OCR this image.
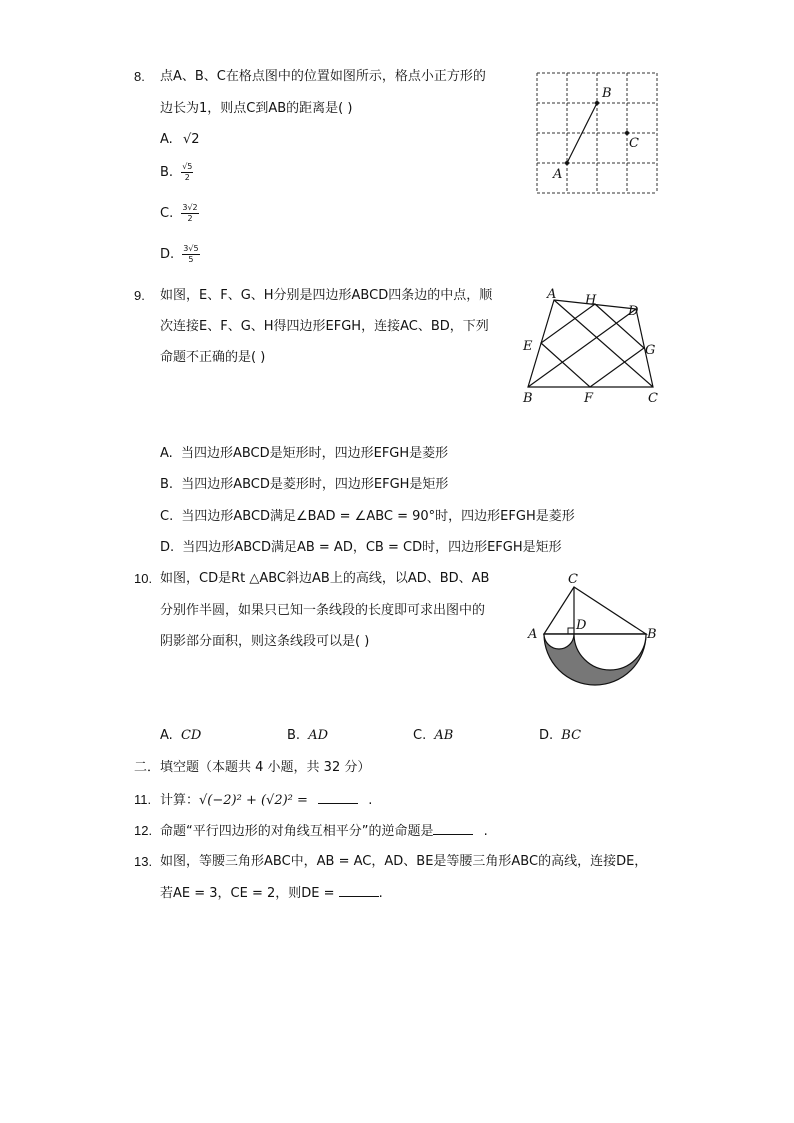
8. 点A、B、C在格点图中的位置如图所示，格点小正方形的
边长为1，则点C到AB的距离是( )
A. √2
B. $\frac{√5}{2}$
C. $\frac{3√2}{2}$
D. $\frac{3√5}{5}$
A
B
C
9. 如图，E、F、G、H分别是四边形ABCD四条边的中点，顺
次连接E、F、G、H得四边形EFGH，连接AC、BD，下列
命题不正确的是( )
A H
D
E	G
B	F	C
A. 当四边形ABCD是矩形时，四边形EFGH是菱形
B. 当四边形ABCD是菱形时，四边形EFGH是矩形
C. 当四边形ABCD满足∠BAD = ∠ABC = 90°时，四边形EFGH是菱形
D. 当四边形ABCD满足AB = AD，CB = CD时，四边形EFGH是矩形
10. 如图，CD是Rt △ABC斜边AB上的高线，以AD、BD、AB
分别作半圆，如果只已知一条线段的长度即可求出图中的
阴影部分面积，则这条线段可以是( )
C
A
D
B
A. CD	B. AD	C. AB	D. BC
二．填空题（本题共 4 小题，共 32 分）
11. 计算：√(−2)² + (√2)² =	.
12. 命题“平行四边形的对角线互相平分”的逆命题是	.
13. 如图，等腰三角形ABC中，AB = AC，AD、BE是等腰三角形ABC的高线，连接DE，
若AE = 3，CE = 2，则DE =	.
